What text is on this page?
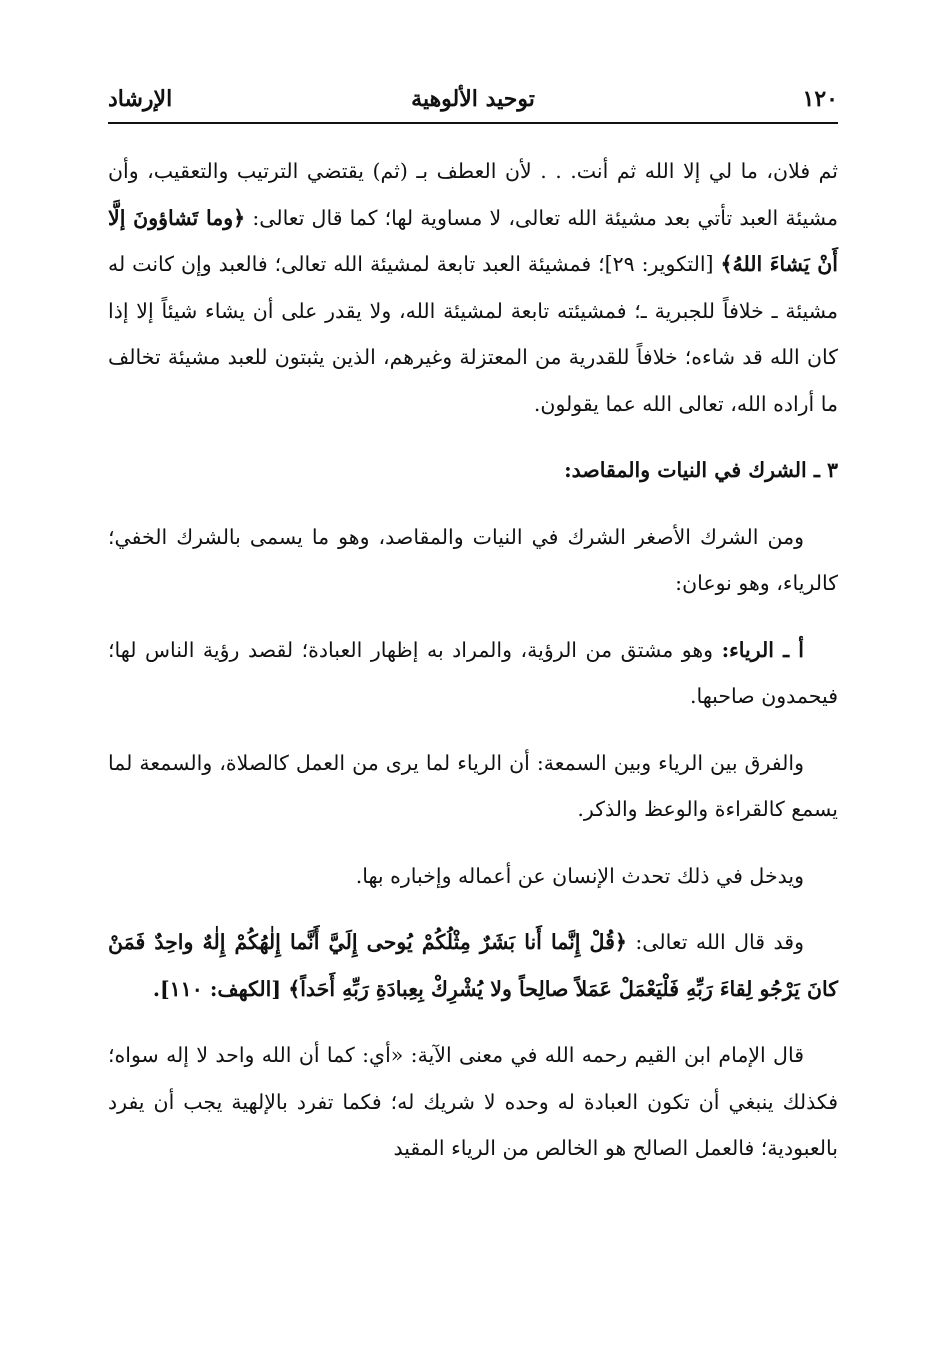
١٢٠
توحيد الألوهية
الإرشاد

ثم فلان، ما لي إلا الله ثم أنت. . . لأن العطف بـ (ثم) يقتضي الترتيب والتعقيب، وأن مشيئة العبد تأتي بعد مشيئة الله تعالى، لا مساوية لها؛ كما قال تعالى: ﴿وما تَشاؤونَ إلَّا أَنْ يَشاءَ اللهُ﴾ [التكوير: ٢٩]؛ فمشيئة العبد تابعة لمشيئة الله تعالى؛ فالعبد وإن كانت له مشيئة ـ خلافاً للجبرية ـ؛ فمشيئته تابعة لمشيئة الله، ولا يقدر على أن يشاء شيئاً إلا إذا كان الله قد شاءه؛ خلافاً للقدرية من المعتزلة وغيرهم، الذين يثبتون للعبد مشيئة تخالف ما أراده الله، تعالى الله عما يقولون.

٣ ـ الشرك في النيات والمقاصد:

ومن الشرك الأصغر الشرك في النيات والمقاصد، وهو ما يسمى بالشرك الخفي؛ كالرياء، وهو نوعان:

أ ـ الرياء: وهو مشتق من الرؤية، والمراد به إظهار العبادة؛ لقصد رؤية الناس لها؛ فيحمدون صاحبها.

والفرق بين الرياء وبين السمعة: أن الرياء لما يرى من العمل كالصلاة، والسمعة لما يسمع كالقراءة والوعظ والذكر.

ويدخل في ذلك تحدث الإنسان عن أعماله وإخباره بها.

وقد قال الله تعالى: ﴿قُلْ إِنَّما أَنا بَشَرٌ مِثْلُكُمْ يُوحى إِلَيَّ أَنَّما إِلٰهُكُمْ إِلٰهٌ واحِدٌ فَمَنْ كانَ يَرْجُو لِقاءَ رَبِّهِ فَلْيَعْمَلْ عَمَلاً صالِحاً ولا يُشْرِكْ بِعِبادَةِ رَبِّهِ أَحَداً﴾ [الكهف: ١١٠].

قال الإمام ابن القيم رحمه الله في معنى الآية: «أي: كما أن الله واحد لا إله سواه؛ فكذلك ينبغي أن تكون العبادة له وحده لا شريك له؛ فكما تفرد بالإلهية يجب أن يفرد بالعبودية؛ فالعمل الصالح هو الخالص من الرياء المقيد
